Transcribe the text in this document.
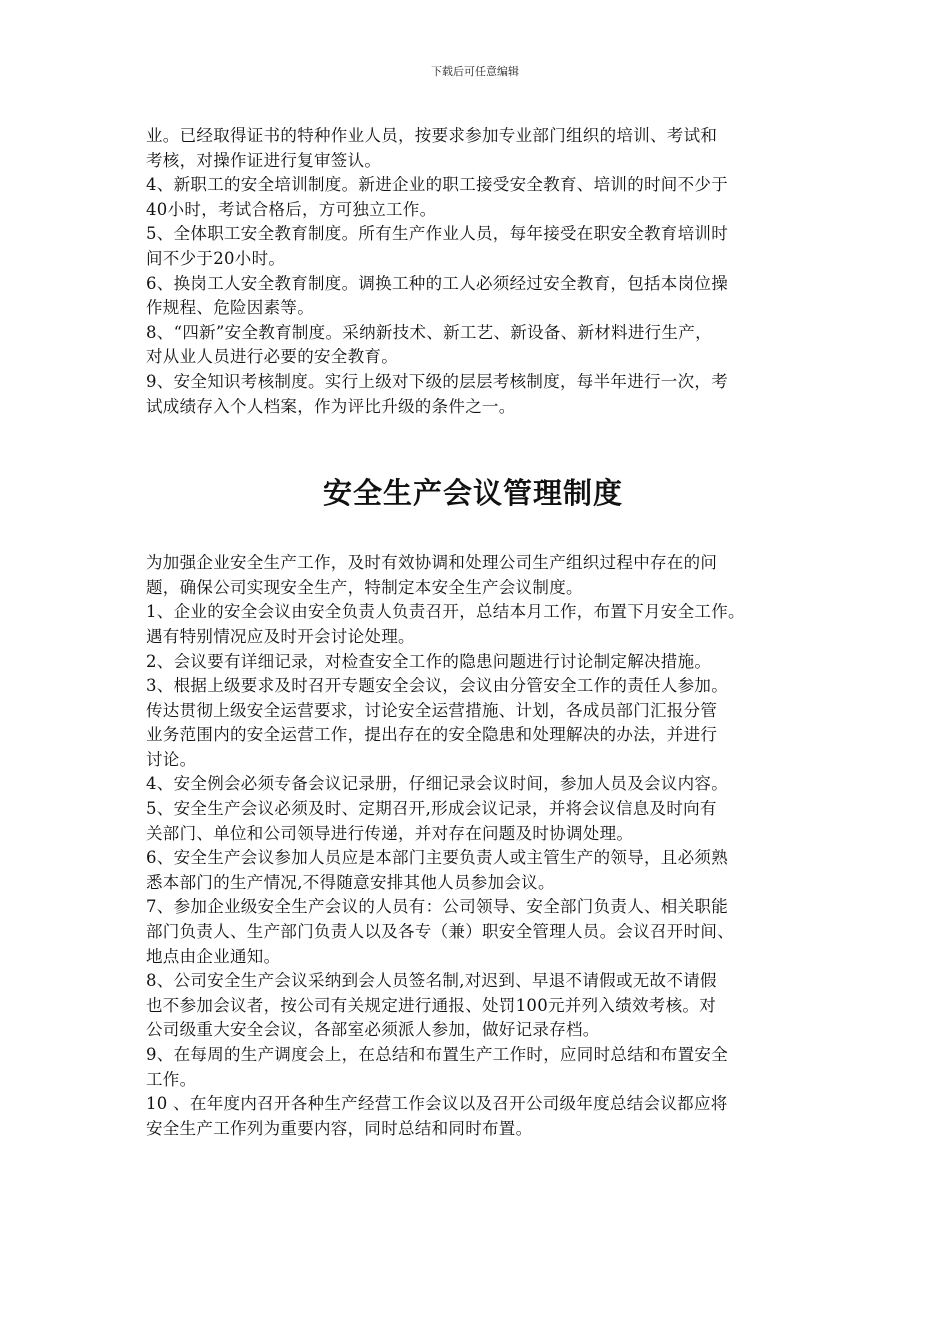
下载后可任意编辑
业。已经取得证书的特种作业人员，按要求参加专业部门组织的培训、考试和
考核，对操作证进行复审签认。
4、新职工的安全培训制度。新进企业的职工接受安全教育、培训的时间不少于
40小时，考试合格后，方可独立工作。
5、全体职工安全教育制度。所有生产作业人员，每年接受在职安全教育培训时
间不少于20小时。
6、换岗工人安全教育制度。调换工种的工人必须经过安全教育，包括本岗位操
作规程、危险因素等。
8、“四新”安全教育制度。采纳新技术、新工艺、新设备、新材料进行生产，
对从业人员进行必要的安全教育。
9、安全知识考核制度。实行上级对下级的层层考核制度，每半年进行一次，考
试成绩存入个人档案，作为评比升级的条件之一。
安全生产会议管理制度
为加强企业安全生产工作，及时有效协调和处理公司生产组织过程中存在的问
题，确保公司实现安全生产，特制定本安全生产会议制度。
1、企业的安全会议由安全负责人负责召开，总结本月工作，布置下月安全工作。
遇有特别情况应及时开会讨论处理。
2、会议要有详细记录，对检查安全工作的隐患问题进行讨论制定解决措施。
3、根据上级要求及时召开专题安全会议，会议由分管安全工作的责任人参加。
传达贯彻上级安全运营要求，讨论安全运营措施、计划，各成员部门汇报分管
业务范围内的安全运营工作，提出存在的安全隐患和处理解决的办法，并进行
讨论。
4、安全例会必须专备会议记录册，仔细记录会议时间，参加人员及会议内容。
5、安全生产会议必须及时、定期召开,形成会议记录，并将会议信息及时向有
关部门、单位和公司领导进行传递，并对存在问题及时协调处理。
6、安全生产会议参加人员应是本部门主要负责人或主管生产的领导，且必须熟
悉本部门的生产情况,不得随意安排其他人员参加会议。
7、参加企业级安全生产会议的人员有：公司领导、安全部门负责人、相关职能
部门负责人、生产部门负责人以及各专（兼）职安全管理人员。会议召开时间、
地点由企业通知。
8、公司安全生产会议采纳到会人员签名制,对迟到、早退不请假或无故不请假
也不参加会议者，按公司有关规定进行通报、处罚100元并列入绩效考核。对
公司级重大安全会议，各部室必须派人参加，做好记录存档。
9、在每周的生产调度会上，在总结和布置生产工作时，应同时总结和布置安全
工作。
10 、在年度内召开各种生产经营工作会议以及召开公司级年度总结会议都应将
安全生产工作列为重要内容，同时总结和同时布置。
